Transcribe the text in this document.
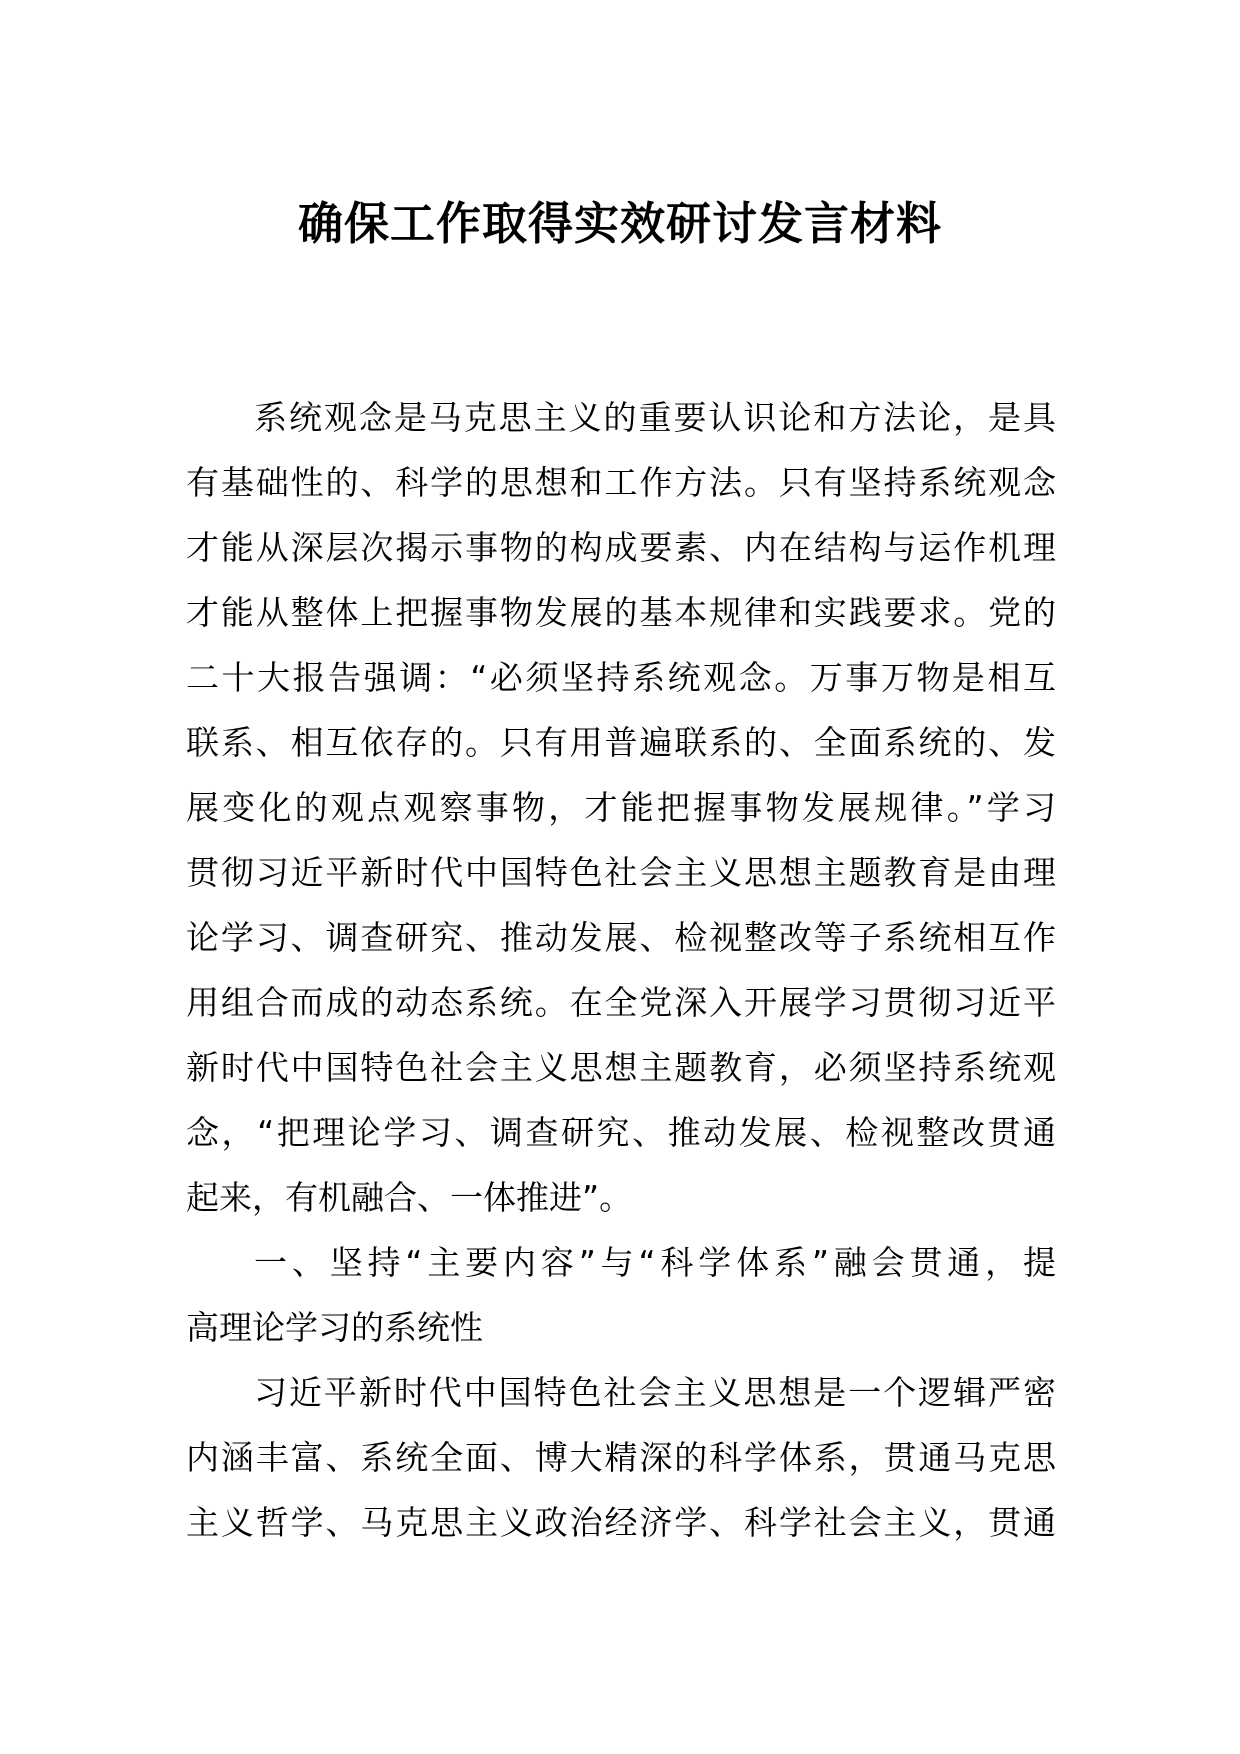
确保工作取得实效研讨发言材料
系统观念是马克思主义的重要认识论和方法论，是具
有基础性的、科学的思想和工作方法。只有坚持系统观念
才能从深层次揭示事物的构成要素、内在结构与运作机理
才能从整体上把握事物发展的基本规律和实践要求。党的
二十大报告强调：“必须坚持系统观念。万事万物是相互
联系、相互依存的。只有用普遍联系的、全面系统的、发
展变化的观点观察事物，才能把握事物发展规律。”学习
贯彻习近平新时代中国特色社会主义思想主题教育是由理
论学习、调查研究、推动发展、检视整改等子系统相互作
用组合而成的动态系统。在全党深入开展学习贯彻习近平
新时代中国特色社会主义思想主题教育，必须坚持系统观
念，“把理论学习、调查研究、推动发展、检视整改贯通
起来，有机融合、一体推进”。
一、坚持“主要内容”与“科学体系”融会贯通，提
高理论学习的系统性
习近平新时代中国特色社会主义思想是一个逻辑严密
内涵丰富、系统全面、博大精深的科学体系，贯通马克思
主义哲学、马克思主义政治经济学、科学社会主义，贯通
